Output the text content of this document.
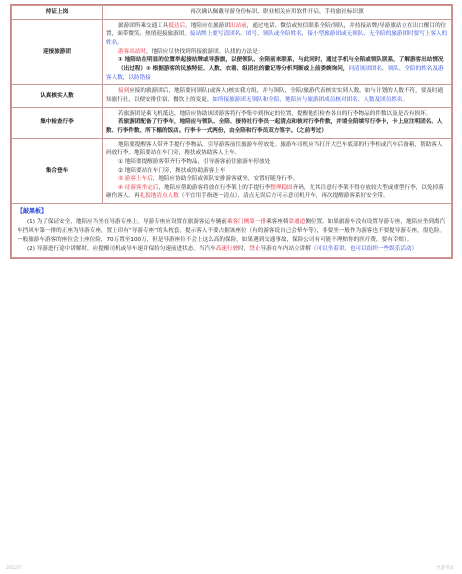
持证上岗	再次确认佩戴导游身份标识、职业相关应用软件开启，手持旅社标识旗

迎接旅游团	旅游团所乘交通工具抵达后，地陪应在旅游团出站前，通过电话、微信或短信联系全陪/领队，并持接站牌/导游旗站立在出口醒目的位置，面带微笑、热情迎接旅游团。接站牌上要写清团名、团号、领队或全陪姓名，接小型旅游团或无领队、无全陪的旅游团时要写上客人的姓名。
游客出站时，地陪应尽快找到所接旅游团。认找的方法是：
① 地陪站在明显的位置举起接站牌或导游旗，以便领队、全陪前来联系，与此同时，通过手机与全陪或领队联系，了解游客出站情况
（出过程）② 根据游客的民族特征、人数、衣着、组团社的徽记等分析判断或上前委婉询问，问清该团团名、领队、全陪的姓名及游客人数，以防错接

认真核实人数	接到应接的旅游团后，地陪要同领队(或客人)核实我方组，并与领队、全陪/旅游代表核实实到人数。如与计划的人数不符，要及时通知旅行社，以便安排住宿、餐饮上的变更。如所接旅游团无领队和全陪，地陪应与旅游团成员核对团名、人数及团员姓名。

集中检查行李	若旅游团是乘飞机抵达，地陪应协助该团游客将行李集中到指定的位置，提醒他们检查各自的行李物品的件数以及是否有损坏。
若旅游团配备了行李车，地陪应与领队、全陪、接待社行李员一起清点和核对行李件数，并请全陪填写行李卡，卡上应注明团名、人数、行李件数、所下榻的饭店。行李卡一式两份，由全陪和行李员双方签字。（之前考过）

集合登车	地陪要提醒客人带齐手提行李物品，引导游客前往旅游车停放处。旅游车司机应当打开大巴车底部的行李柜或汽车后备箱，帮助客人码放行李。地陪要站在车门旁，搀扶或协助客人上车。
① 地陪要提醒游客带齐行李物品，引导游客前往旅游车停放处
② 地陪要站在车门旁，搀扶或协助游客上车
③ 游客上车后，地陪应协助全陪或领队安排游客就坐，安置好随身行李。
④ 待游客坐定后，地陪应帮助游客将放在行李架上的手提行李整理稳固齐码，尤其注意行李架不得存放较大型或重型行李，以免掉落砸伤客人。再礼貌地清点人数（不宜用手指逐一清点），清点无误后方可示意司机开车，再次提醒游客系好安全带。
【敲黑板】

(1) 为了保证安全，地陪应当坐在导游专座上。导游专座应设置在旅游客运车辆前乘客门侧第一排乘客座椅靠通道侧位置。如果旅游车没有设置导游专座，地陪应坐到离汽车挡风车第一排的正座为导游专座，置上印有“导游专座”的头枕套。提示客人不要占据该座位（有的游客说自己会晕车等），非要坐一般作为游客也不要提导游专座，很危险。一般旅游车游客的座位会上座位险，70万置至100万，但是导游座位不会上这么高的保险，如果遇到交通事故，保险公司有可能不理赔你的医疗费，要有幸赔）。

(2) 导游进行途中讲解时，应提醒司机或导车速并保持匀速前进状态。当汽车高速行驶时，禁止导游在车内站立讲解（可以坐着讲、也可以组织一些娱乐活动）

2022年	导游考试
